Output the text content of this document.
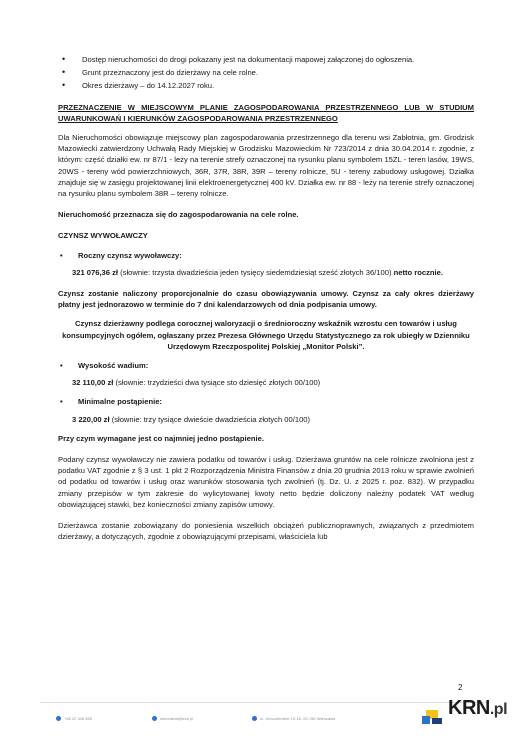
• Dostęp nieruchomości do drogi pokazany jest na dokumentacji mapowej załączonej do ogłoszenia.
• Grunt przeznaczony jest do dzierżawy na cele rolne.
• Okres dzierżawy – do 14.12.2027 roku.

PRZEZNACZENIE W MIEJSCOWYM PLANIE ZAGOSPODAROWANIA PRZESTRZENNEGO LUB W STUDIUM UWARUNKOWAŃ I KIERUNKÓW ZAGOSPODAROWANIA PRZESTRZENNEGO

Dla Nieruchomości obowiązuje miejscowy plan zagospodarowania przestrzennego dla terenu wsi Zabłotnia, gm. Grodzisk Mazowiecki zatwierdzony Uchwałą Rady Miejskiej w Grodzisku Mazowieckim Nr 723/2014 z dnia 30.04.2014 r. zgodnie, z którym: część działki ew. nr 87/1 - leży na terenie strefy oznaczonej na rysunku planu symbolem 15ZL - teren lasów, 19WS, 20WS - tereny wód powierzchniowych, 36R, 37R, 38R, 39R – tereny rolnicze, 5U - tereny zabudowy usługowej. Działka znajduje się w zasięgu projektowanej linii elektroenergetycznej 400 kV. Działka ew. nr 88 - leży na terenie strefy oznaczonej na rysunku planu symbolem 38R – tereny rolnicze.

Nieruchomość przeznacza się do zagospodarowania na cele rolne.

CZYNSZ WYWOŁAWCZY

• Roczny czynsz wywoławczy:

321 076,36 zł (słownie: trzysta dwadzieścia jeden tysięcy siedemdziesiąt sześć złotych 36/100) netto rocznie.

Czynsz zostanie naliczony proporcjonalnie do czasu obowiązywania umowy. Czynsz za cały okres dzierżawy płatny jest jednorazowo w terminie do 7 dni kalendarzowych od dnia podpisania umowy.

Czynsz dzierżawny podlega corocznej waloryzacji o średnioroczny wskaźnik wzrostu cen towarów i usług konsumpcyjnych ogółem, ogłaszany przez Prezesa Głównego Urzędu Statystycznego za rok ubiegły w Dzienniku Urzędowym Rzeczpospolitej Polskiej „Monitor Polski”.

• Wysokość wadium:

32 110,00 zł (słownie: trzydzieści dwa tysiące sto dziesięć złotych 00/100)

• Minimalne postąpienie:

3 220,00 zł (słownie: trzy tysiące dwieście dwadzieścia złotych 00/100)

Przy czym wymagane jest co najmniej jedno postąpienie.

Podany czynsz wywoławczy nie zawiera podatku od towarów i usług. Dzierżawa gruntów na cele rolnicze zwolniona jest z podatku VAT zgodnie z § 3 ust. 1 pkt 2 Rozporządzenia Ministra Finansów z dnia 20 grudnia 2013 roku w sprawie zwolnień od podatku od towarów i usług oraz warunków stosowania tych zwolnień (tj. Dz. U. z 2025 r. poz. 832). W przypadku zmiany przepisów w tym zakresie do wylicytowanej kwoty netto będzie doliczony należny podatek VAT według obowiązującej stawki, bez konieczności zmiany zapisów umowy.

Dzierżawca zostanie zobowiązany do poniesienia wszelkich obciążeń publicznoprawnych, związanych z przedmiotem dzierżawy, a dotyczących, zgodnie z obowiązującymi przepisami, właściciela lub

2
+48 22 348 555	sekretariat@zzk.pl	ul. Jerozolimskie 10-16, 00-786 Warszawa	KRN.pl
